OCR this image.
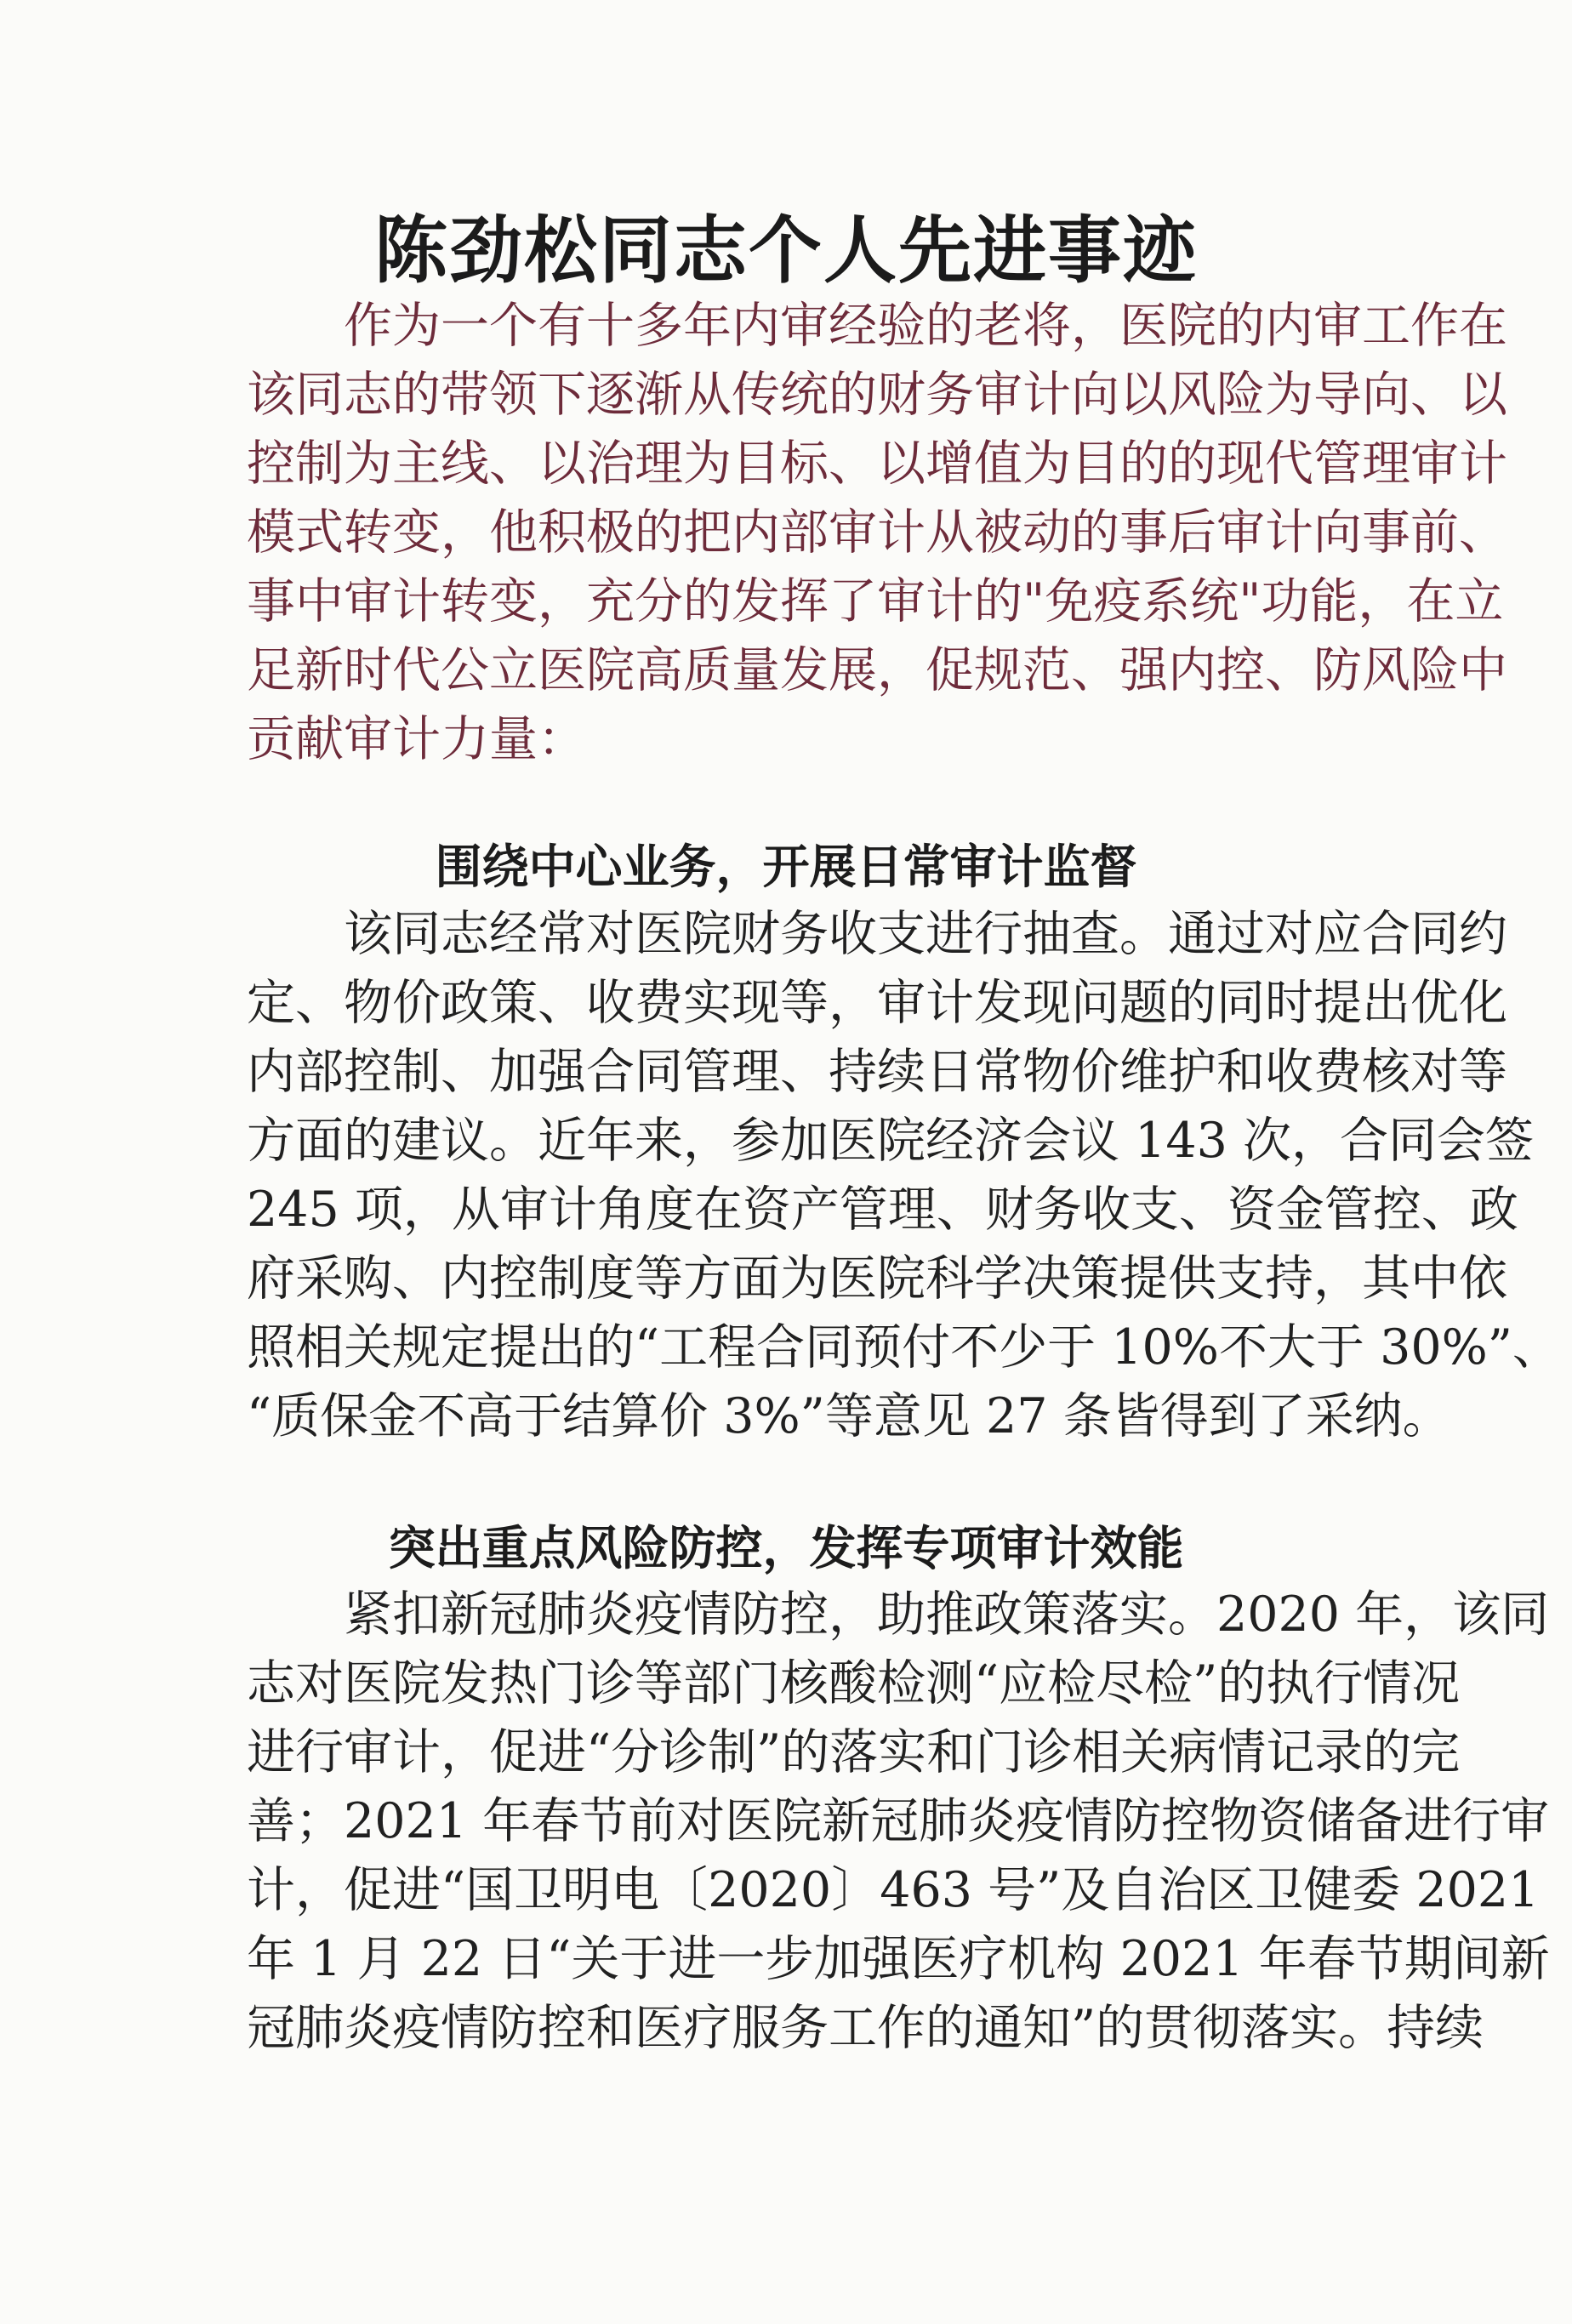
陈劲松同志个人先进事迹
　　作为一个有十多年内审经验的老将，医院的内审工作在
该同志的带领下逐渐从传统的财务审计向以风险为导向、以
控制为主线、以治理为目标、以增值为目的的现代管理审计
模式转变，他积极的把内部审计从被动的事后审计向事前、
事中审计转变，充分的发挥了审计的"免疫系统"功能，在立
足新时代公立医院高质量发展，促规范、强内控、防风险中
贡献审计力量：
围绕中心业务，开展日常审计监督
　　该同志经常对医院财务收支进行抽查。通过对应合同约
定、物价政策、收费实现等，审计发现问题的同时提出优化
内部控制、加强合同管理、持续日常物价维护和收费核对等
方面的建议。近年来，参加医院经济会议 143 次，合同会签
245 项，从审计角度在资产管理、财务收支、资金管控、政
府采购、内控制度等方面为医院科学决策提供支持，其中依
照相关规定提出的“工程合同预付不少于 10%不大于 30%”、
“质保金不高于结算价 3%”等意见 27 条皆得到了采纳。
突出重点风险防控，发挥专项审计效能
　　紧扣新冠肺炎疫情防控，助推政策落实。2020 年，该同
志对医院发热门诊等部门核酸检测“应检尽检”的执行情况
进行审计，促进“分诊制”的落实和门诊相关病情记录的完
善；2021 年春节前对医院新冠肺炎疫情防控物资储备进行审
计，促进“国卫明电〔2020〕463 号”及自治区卫健委 2021
年 1 月 22 日“关于进一步加强医疗机构 2021 年春节期间新
冠肺炎疫情防控和医疗服务工作的通知”的贯彻落实。持续
